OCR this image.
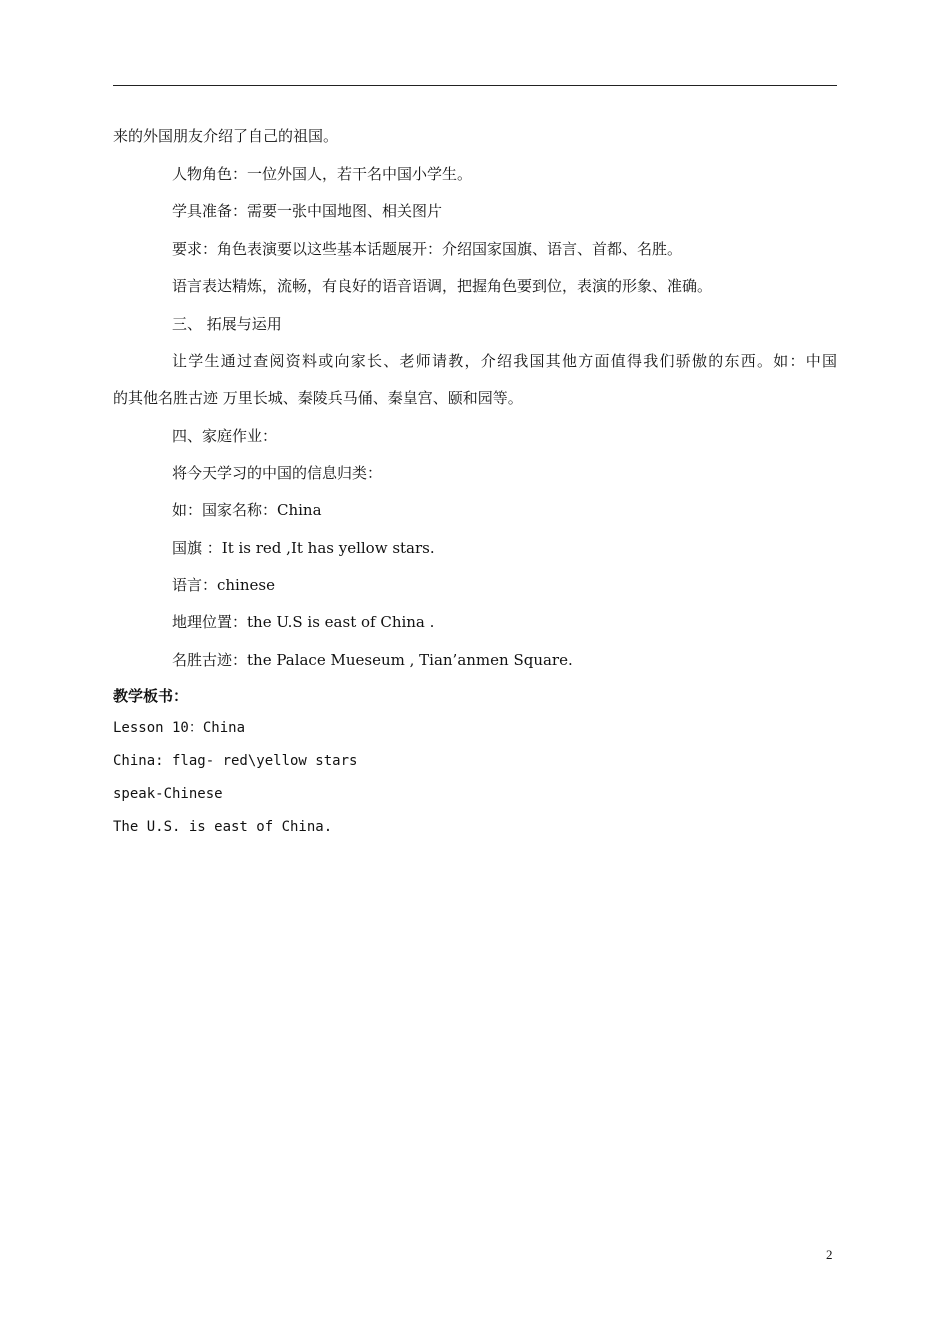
来的外国朋友介绍了自己的祖国。
人物角色：一位外国人，若干名中国小学生。
学具准备：需要一张中国地图、相关图片
要求：角色表演要以这些基本话题展开：介绍国家国旗、语言、首都、名胜。
语言表达精炼，流畅，有良好的语音语调，把握角色要到位，表演的形象、准确。
三、 拓展与运用
让学生通过查阅资料或向家长、老师请教，介绍我国其他方面值得我们骄傲的东西。如：中国
的其他名胜古迹 万里长城、秦陵兵马俑、秦皇宫、颐和园等。
四、家庭作业：
将今天学习的中国的信息归类：
如：国家名称：China
国旗 ：It is red ,It has yellow stars.
语言：chinese
地理位置：the U.S is east of China .
名胜古迹：the Palace Mueseum , Tian’anmen Square.
教学板书：
Lesson 10：China
China: flag- red\yellow stars
speak-Chinese
The U.S. is east of China.
2
